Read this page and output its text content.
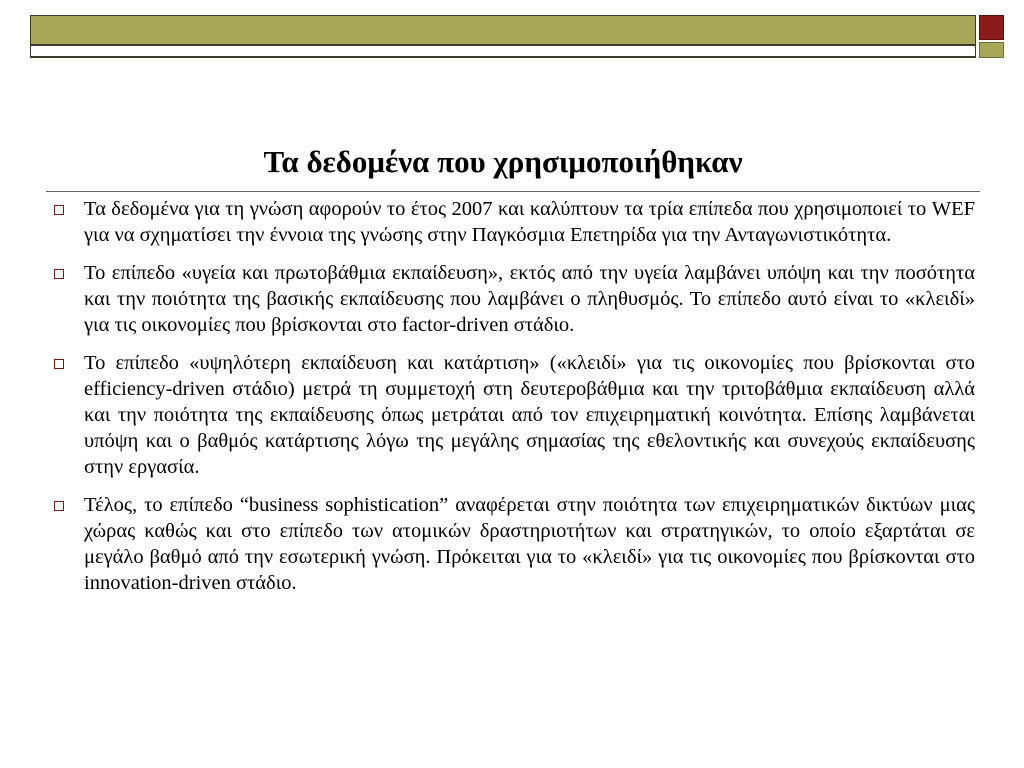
Τα δεδομένα που χρησιμοποιήθηκαν
Τα δεδομένα για τη γνώση αφορούν το έτος 2007 και καλύπτουν τα τρία επίπεδα που χρησιμοποιεί το WEF για να σχηματίσει την έννοια της γνώσης στην Παγκόσμια Επετηρίδα για την Ανταγωνιστικότητα.
Το επίπεδο «υγεία και πρωτοβάθμια εκπαίδευση», εκτός από την υγεία λαμβάνει υπόψη και την ποσότητα και την ποιότητα της βασικής εκπαίδευσης που λαμβάνει ο πληθυσμός. Το επίπεδο αυτό είναι το «κλειδί» για τις οικονομίες που βρίσκονται στο factor-driven στάδιο.
Το επίπεδο «υψηλότερη εκπαίδευση και κατάρτιση» («κλειδί» για τις οικονομίες που βρίσκονται στο efficiency-driven στάδιο) μετρά τη συμμετοχή στη δευτεροβάθμια και την τριτοβάθμια εκπαίδευση αλλά και την ποιότητα της εκπαίδευσης όπως μετράται από τον επιχειρηματική κοινότητα. Επίσης λαμβάνεται υπόψη και ο βαθμός κατάρτισης λόγω της μεγάλης σημασίας της εθελοντικής και συνεχούς εκπαίδευσης στην εργασία.
Τέλος, το επίπεδο “business sophistication” αναφέρεται στην ποιότητα των επιχειρηματικών δικτύων μιας χώρας καθώς και στο επίπεδο των ατομικών δραστηριοτήτων και στρατηγικών, το οποίο εξαρτάται σε μεγάλο βαθμό από την εσωτερική γνώση. Πρόκειται για το «κλειδί» για τις οικονομίες που βρίσκονται στο innovation-driven στάδιο.
